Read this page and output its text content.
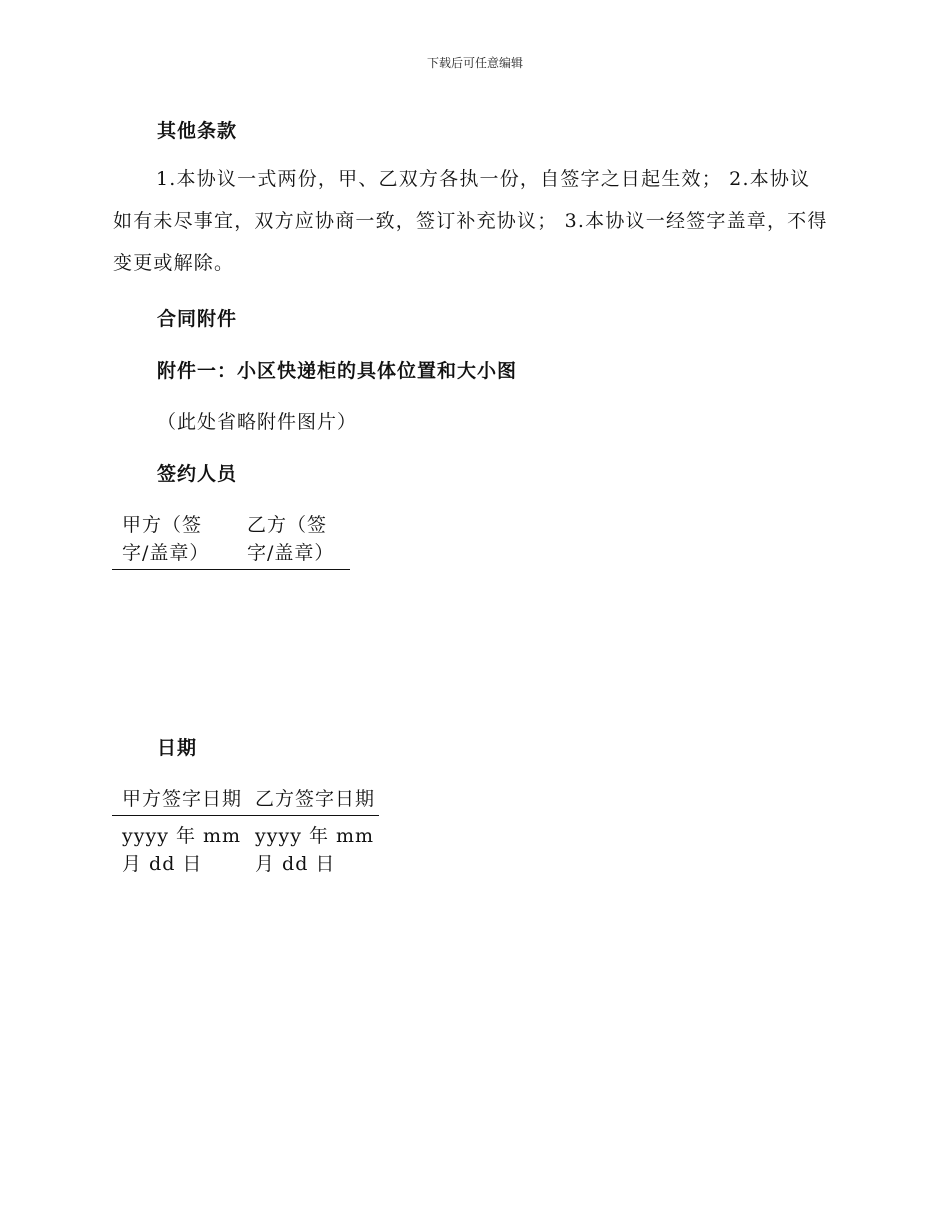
下载后可任意编辑
其他条款

1.本协议一式两份，甲、乙双方各执一份，自签字之日起生效； 2.本协议如有未尽事宜，双方应协商一致，签订补充协议； 3.本协议一经签字盖章，不得变更或解除。

合同附件
附件一：小区快递柜的具体位置和大小图
（此处省略附件图片）
签约人员
甲方（签字/盖章）	乙方（签字/盖章）
日期
甲方签字日期	乙方签字日期
yyyy 年 mm 月 dd 日	yyyy 年 mm 月 dd 日
